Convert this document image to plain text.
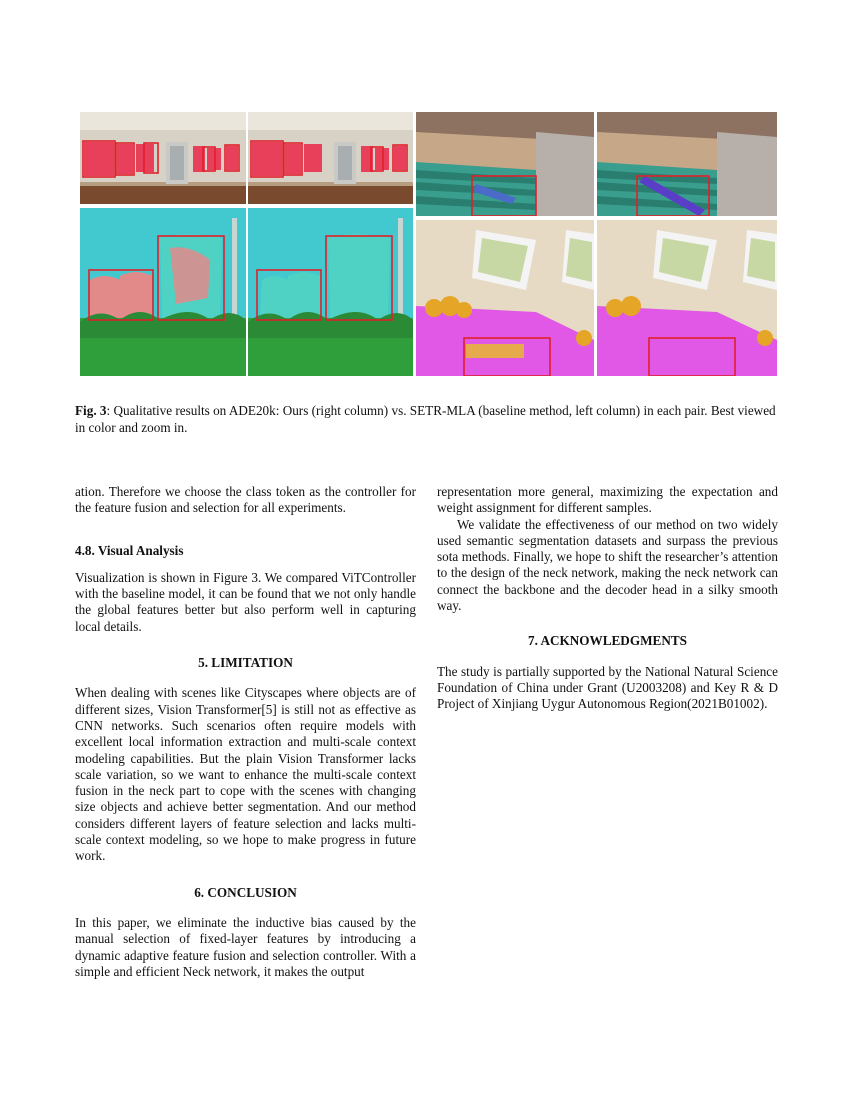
Fig. 3: Qualitative results on ADE20k: Ours (right column) vs. SETR-MLA (baseline method, left column) in each pair. Best viewed in color and zoom in.

ation. Therefore we choose the class token as the controller for the feature fusion and selection for all experiments.

4.8. Visual Analysis

Visualization is shown in Figure 3. We compared ViTController with the baseline model, it can be found that we not only handle the global features better but also perform well in capturing local details.

5. LIMITATION

When dealing with scenes like Cityscapes where objects are of different sizes, Vision Transformer[5] is still not as effective as CNN networks. Such scenarios often require models with excellent local information extraction and multi-scale context modeling capabilities. But the plain Vision Transformer lacks scale variation, so we want to enhance the multi-scale context fusion in the neck part to cope with the scenes with changing size objects and achieve better segmentation. And our method considers different layers of feature selection and lacks multi-scale context modeling, so we hope to make progress in future work.

6. CONCLUSION

In this paper, we eliminate the inductive bias caused by the manual selection of fixed-layer features by introducing a dynamic adaptive feature fusion and selection controller. With a simple and efficient Neck network, it makes the output

representation more general, maximizing the expectation and weight assignment for different samples.

We validate the effectiveness of our method on two widely used semantic segmentation datasets and surpass the previous sota methods. Finally, we hope to shift the researcher’s attention to the design of the neck network, making the neck network can connect the backbone and the decoder head in a silky smooth way.

7. ACKNOWLEDGMENTS

The study is partially supported by the National Natural Science Foundation of China under Grant (U2003208) and Key R & D Project of Xinjiang Uygur Autonomous Region(2021B01002).
